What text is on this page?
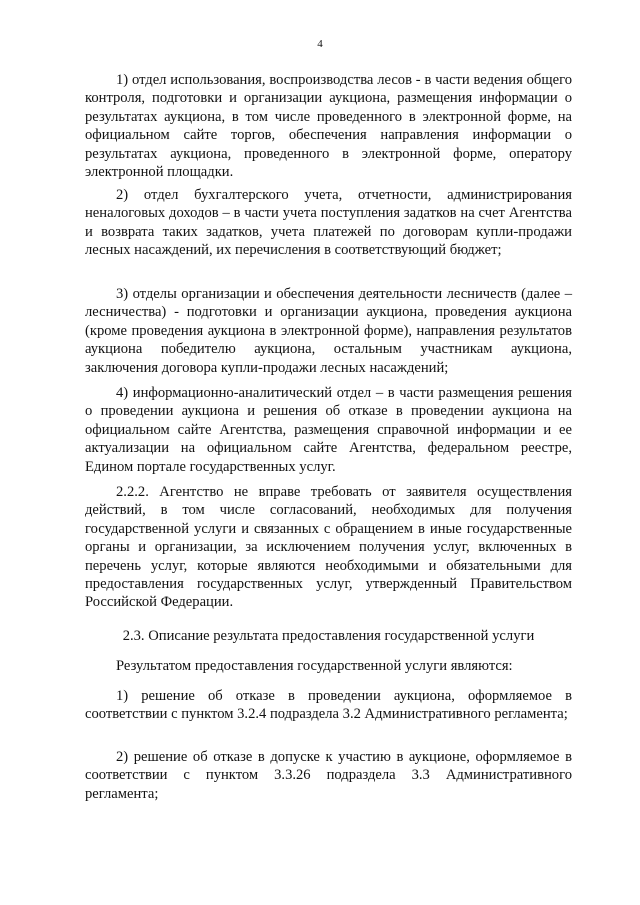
4

1) отдел использования, воспроизводства лесов - в части ведения общего контроля, подготовки и организации аукциона, размещения информации о результатах аукциона, в том числе проведенного в электронной форме, на официальном сайте торгов, обеспечения направления информации о результатах аукциона, проведенного в электронной форме, оператору электронной площадки.

2) отдел бухгалтерского учета, отчетности, администрирования неналоговых доходов – в части учета поступления задатков на счет Агентства и возврата таких задатков, учета платежей по договорам купли-продажи лесных насаждений, их перечисления в соответствующий бюджет;

3) отделы организации и обеспечения деятельности лесничеств (далее – лесничества) - подготовки и организации аукциона, проведения аукциона (кроме проведения аукциона в электронной форме), направления результатов аукциона победителю аукциона, остальным участникам аукциона, заключения договора купли-продажи лесных насаждений;

4) информационно-аналитический отдел – в части размещения решения о проведении аукциона и решения об отказе в проведении аукциона на официальном сайте Агентства, размещения справочной информации и ее актуализации на официальном сайте Агентства, федеральном реестре, Едином портале государственных услуг.

2.2.2. Агентство не вправе требовать от заявителя осуществления действий, в том числе согласований, необходимых для получения государственной услуги и связанных с обращением в иные государственные органы и организации, за исключением получения услуг, включенных в перечень услуг, которые являются необходимыми и обязательными для предоставления государственных услуг, утвержденный Правительством Российской Федерации.

2.3. Описание результата предоставления государственной услуги

Результатом предоставления государственной услуги являются:

1) решение об отказе в проведении аукциона, оформляемое в соответствии с пунктом 3.2.4 подраздела 3.2 Административного регламента;

2) решение об отказе в допуске к участию в аукционе, оформляемое в соответствии с пунктом 3.3.26 подраздела 3.3 Административного регламента;
